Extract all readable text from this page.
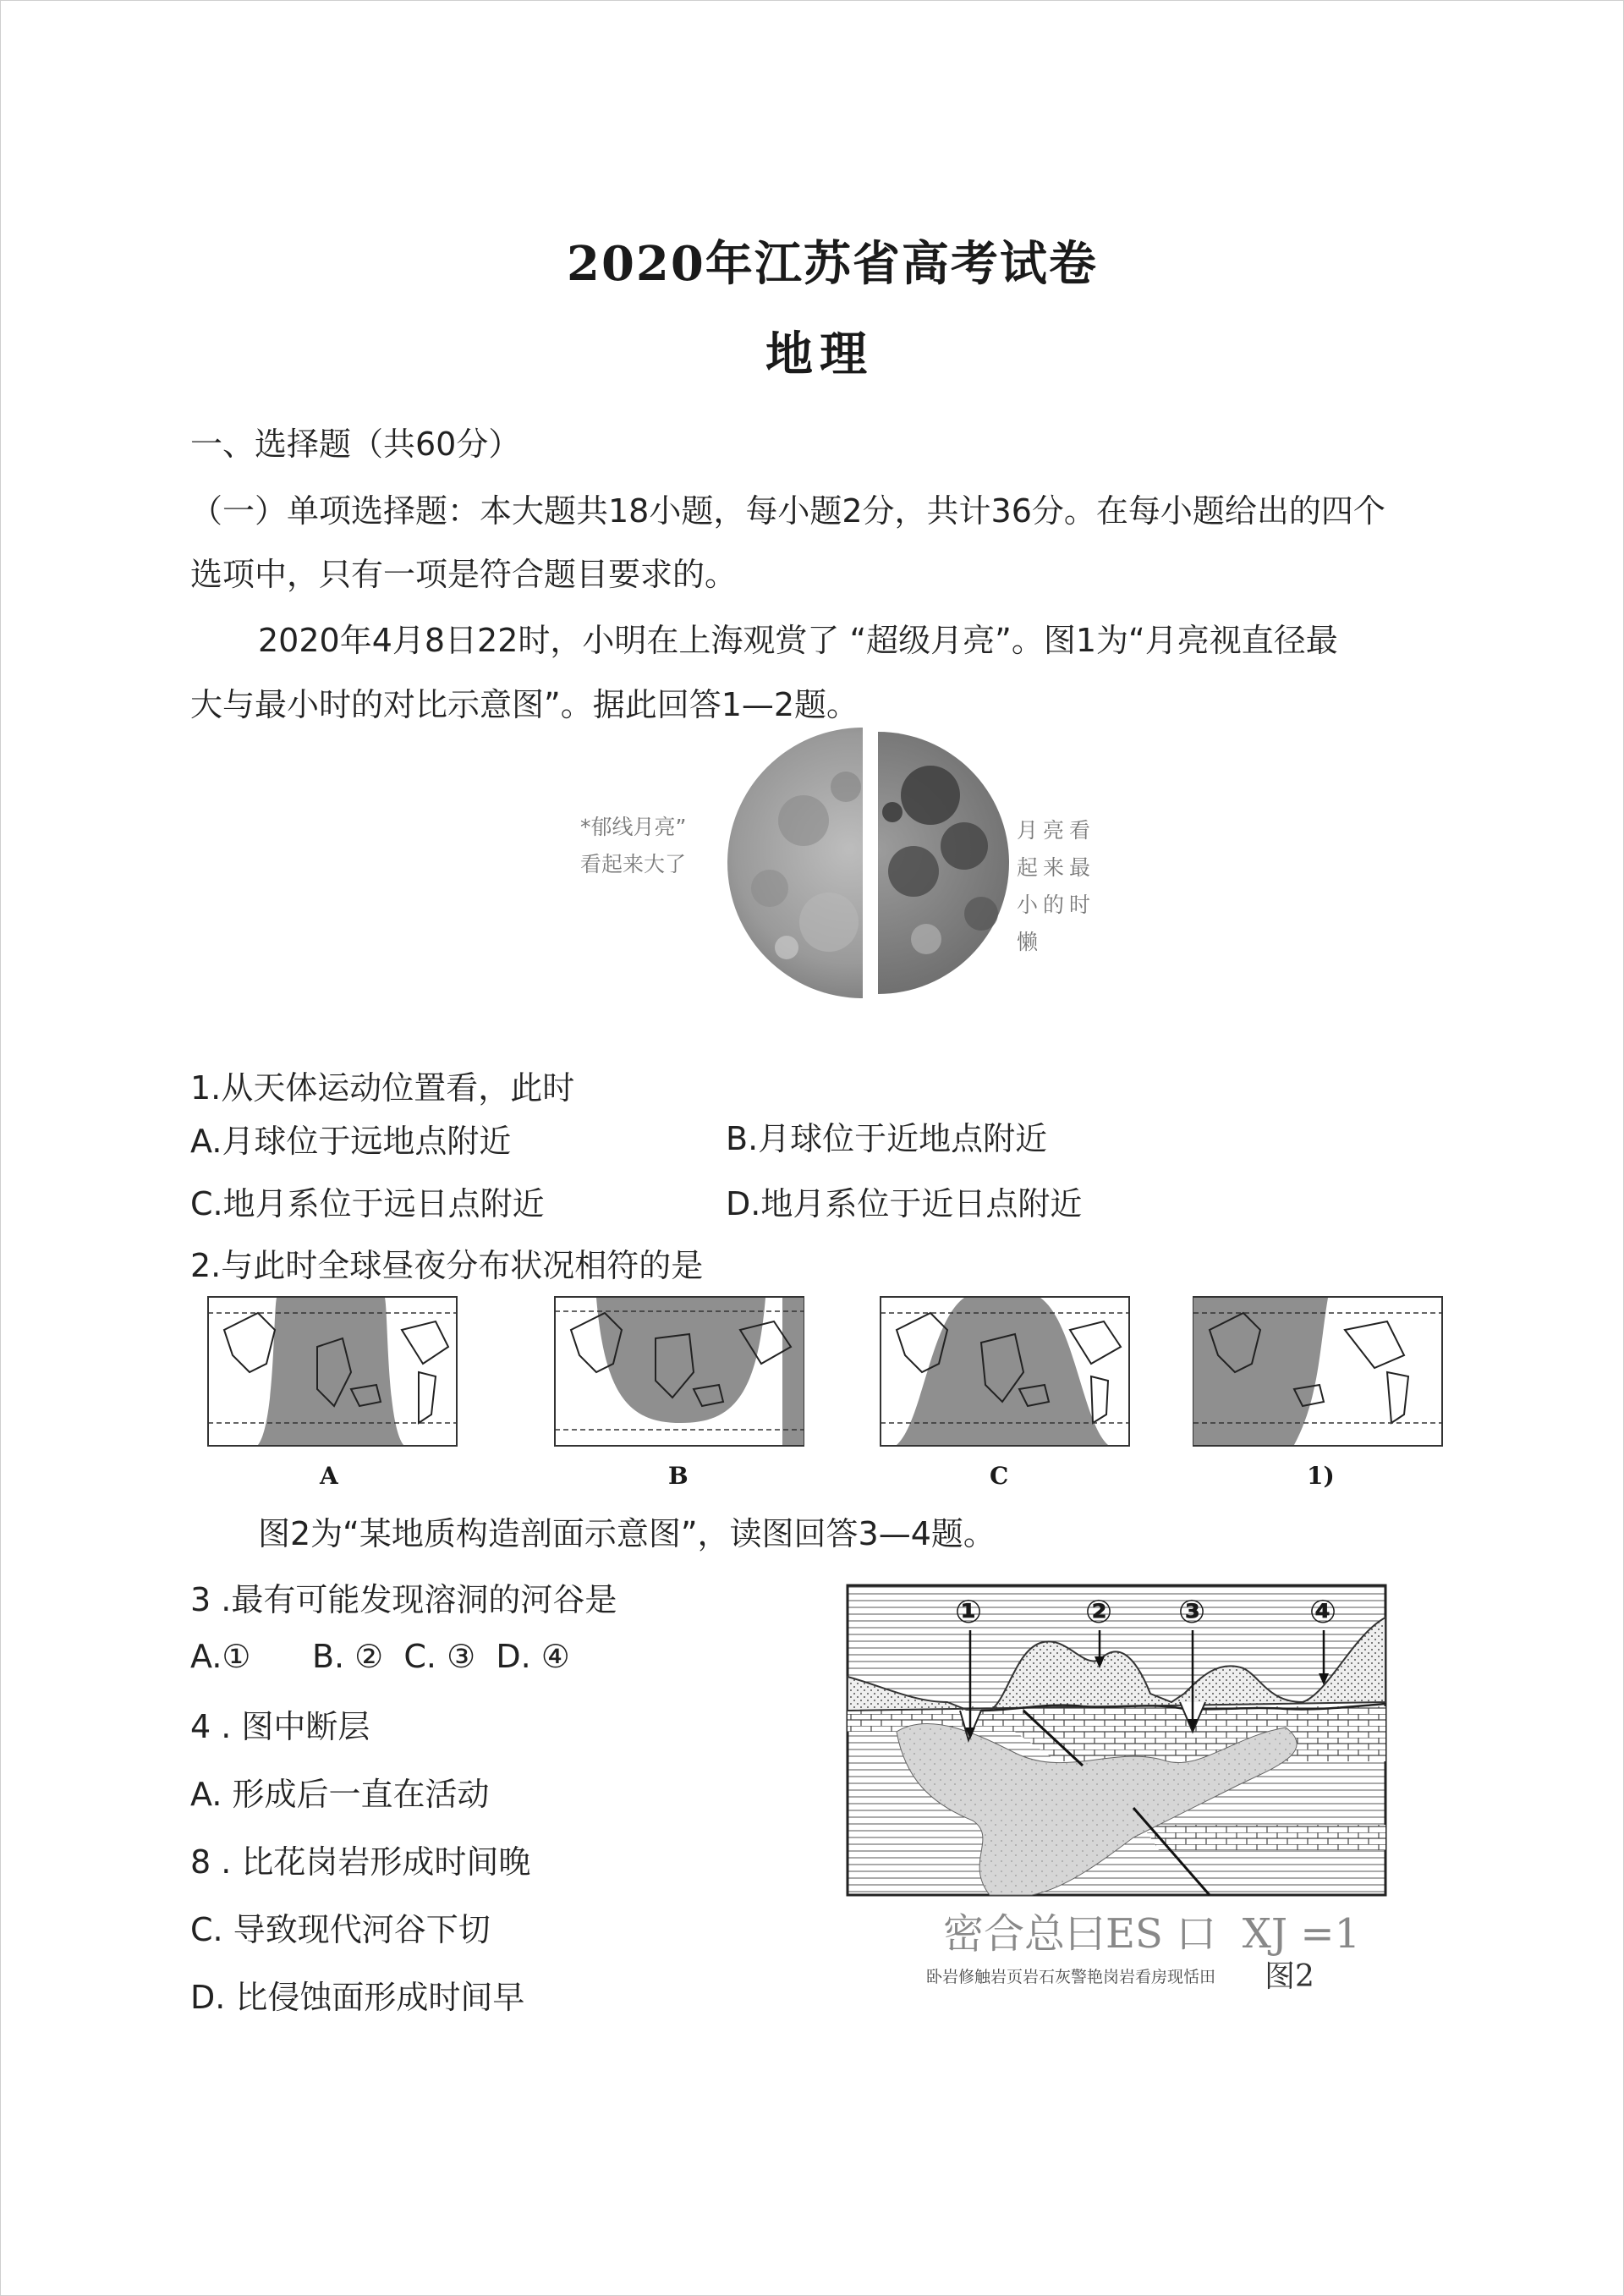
2020年江苏省高考试卷
地理
一、选择题（共60分）
（一）单项选择题：本大题共18小题，每小题2分，共计36分。在每小题给出的四个
选项中，只有一项是符合题目要求的。
2020年4月8日22时，小明在上海观赏了 “超级月亮”。图1为“月亮视直径最
大与最小时的对比示意图”。据此回答1—2题。
*郁线月亮”
看起来大了
月亮看
起来最
小的时
懒
1.从天体运动位置看，此时
A.月球位于远地点附近	B.月球位于近地点附近
C.地月系位于远日点附近	D.地月系位于近日点附近
2.与此时全球昼夜分布状况相符的是
A	B	C	1)
图2为“某地质构造剖面示意图”，读图回答3—4题。
3 .最有可能发现溶洞的河谷是
A.①      B. ②  C. ③  D. ④
4 . 图中断层
A. 形成后一直在活动
8 . 比花岗岩形成时间晚
C. 导致现代河谷下切
D. 比侵蚀面形成时间早
①	② ③	④
密合总曰ES 口  XJ =1
卧岩修触岩页岩石灰警艳岗岩看房现恬田 图2
